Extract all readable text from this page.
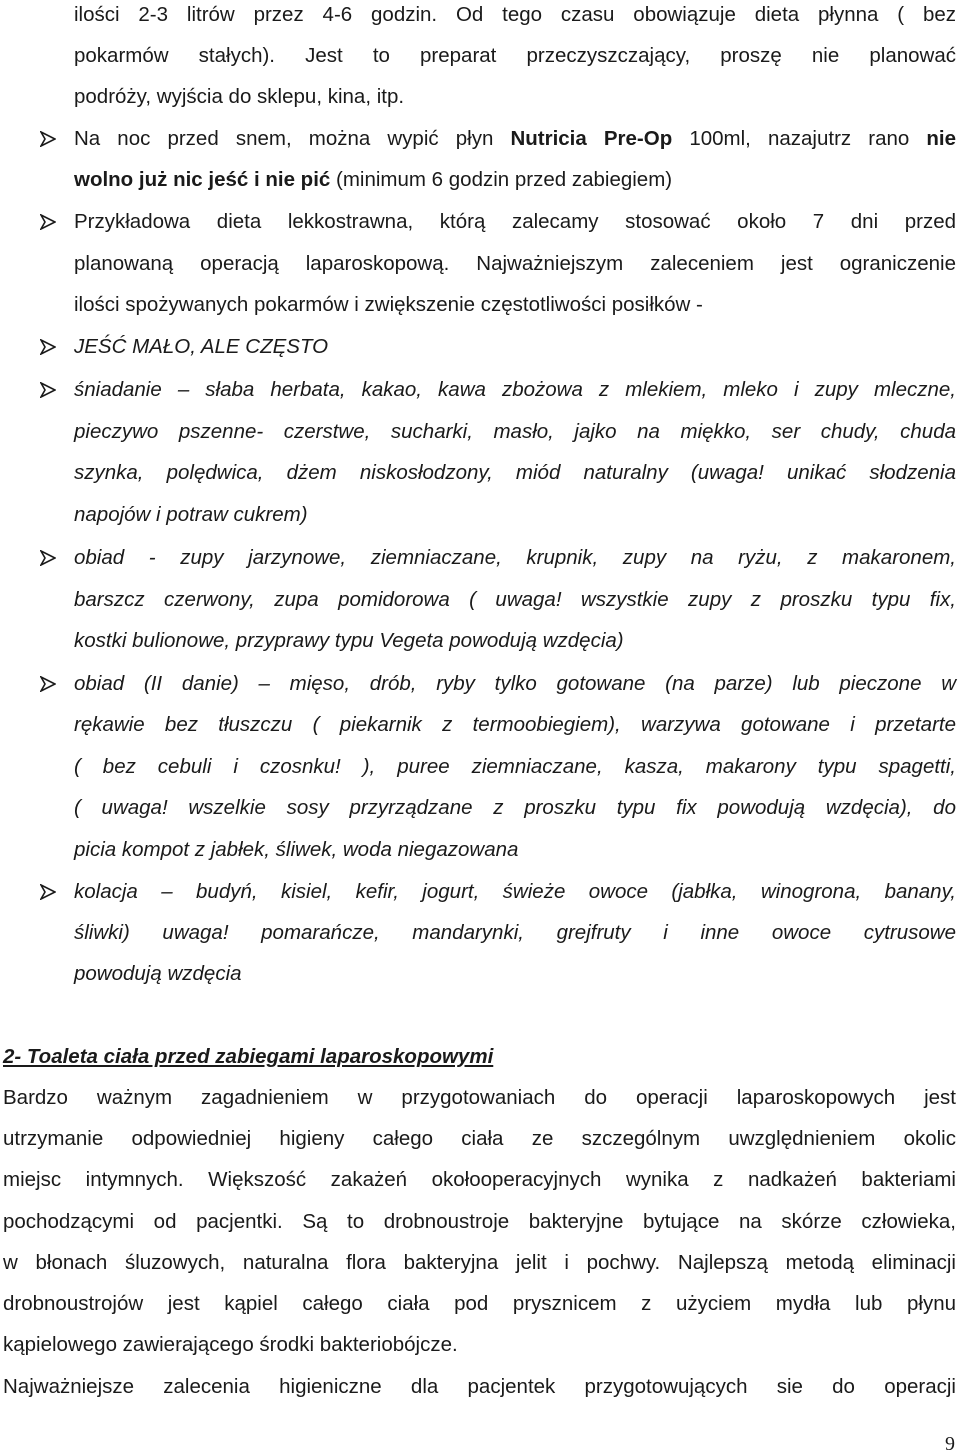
ilości 2-3 litrów przez 4-6 godzin. Od tego czasu obowiązuje dieta płynna ( bez
pokarmów stałych). Jest to preparat przeczyszczający, proszę nie planować
podróży, wyjścia do sklepu, kina, itp.
Na noc przed snem, można wypić płyn Nutricia Pre-Op 100ml, nazajutrz rano nie
wolno już nic jeść i nie pić (minimum 6 godzin przed zabiegiem)
Przykładowa dieta lekkostrawna, którą zalecamy stosować około 7 dni przed
planowaną operacją laparoskopową. Najważniejszym zaleceniem jest ograniczenie
ilości spożywanych pokarmów i zwiększenie częstotliwości posiłków -
JEŚĆ MAŁO, ALE CZĘSTO
śniadanie – słaba herbata, kakao, kawa zbożowa z mlekiem, mleko i zupy mleczne,
pieczywo pszenne- czerstwe, sucharki, masło, jajko na miękko, ser chudy, chuda
szynka, polędwica, dżem niskosłodzony, miód naturalny (uwaga! unikać słodzenia
napojów i potraw cukrem)
obiad - zupy jarzynowe, ziemniaczane, krupnik, zupy na ryżu, z makaronem,
barszcz czerwony, zupa pomidorowa ( uwaga! wszystkie zupy z proszku typu fix,
kostki bulionowe, przyprawy typu Vegeta powodują wzdęcia)
obiad (II danie) – mięso, drób, ryby tylko gotowane (na parze) lub pieczone w
rękawie bez tłuszczu ( piekarnik z termoobiegiem), warzywa gotowane i przetarte
( bez cebuli i czosnku! ), puree ziemniaczane, kasza, makarony typu spagetti,
( uwaga! wszelkie sosy przyrządzane z proszku typu fix powodują wzdęcia), do
picia kompot z jabłek, śliwek, woda niegazowana
kolacja – budyń, kisiel, kefir, jogurt, świeże owoce (jabłka, winogrona, banany,
śliwki) uwaga! pomarańcze, mandarynki, grejfruty i inne owoce cytrusowe
powodują wzdęcia
2- Toaleta ciała przed zabiegami laparoskopowymi
Bardzo ważnym zagadnieniem w przygotowaniach do operacji laparoskopowych jest
utrzymanie odpowiedniej higieny całego ciała ze szczególnym uwzględnieniem okolic
miejsc intymnych. Większość zakażeń okołooperacyjnych wynika z nadkażeń bakteriami
pochodzącymi od pacjentki. Są to drobnoustroje bakteryjne bytujące na skórze człowieka,
w błonach śluzowych, naturalna flora bakteryjna jelit i pochwy. Najlepszą metodą eliminacji
drobnoustrojów jest kąpiel całego ciała pod prysznicem z użyciem mydła lub płynu
kąpielowego zawierającego środki bakteriobójcze.
Najważniejsze zalecenia higieniczne dla pacjentek przygotowujących sie do operacji
9
